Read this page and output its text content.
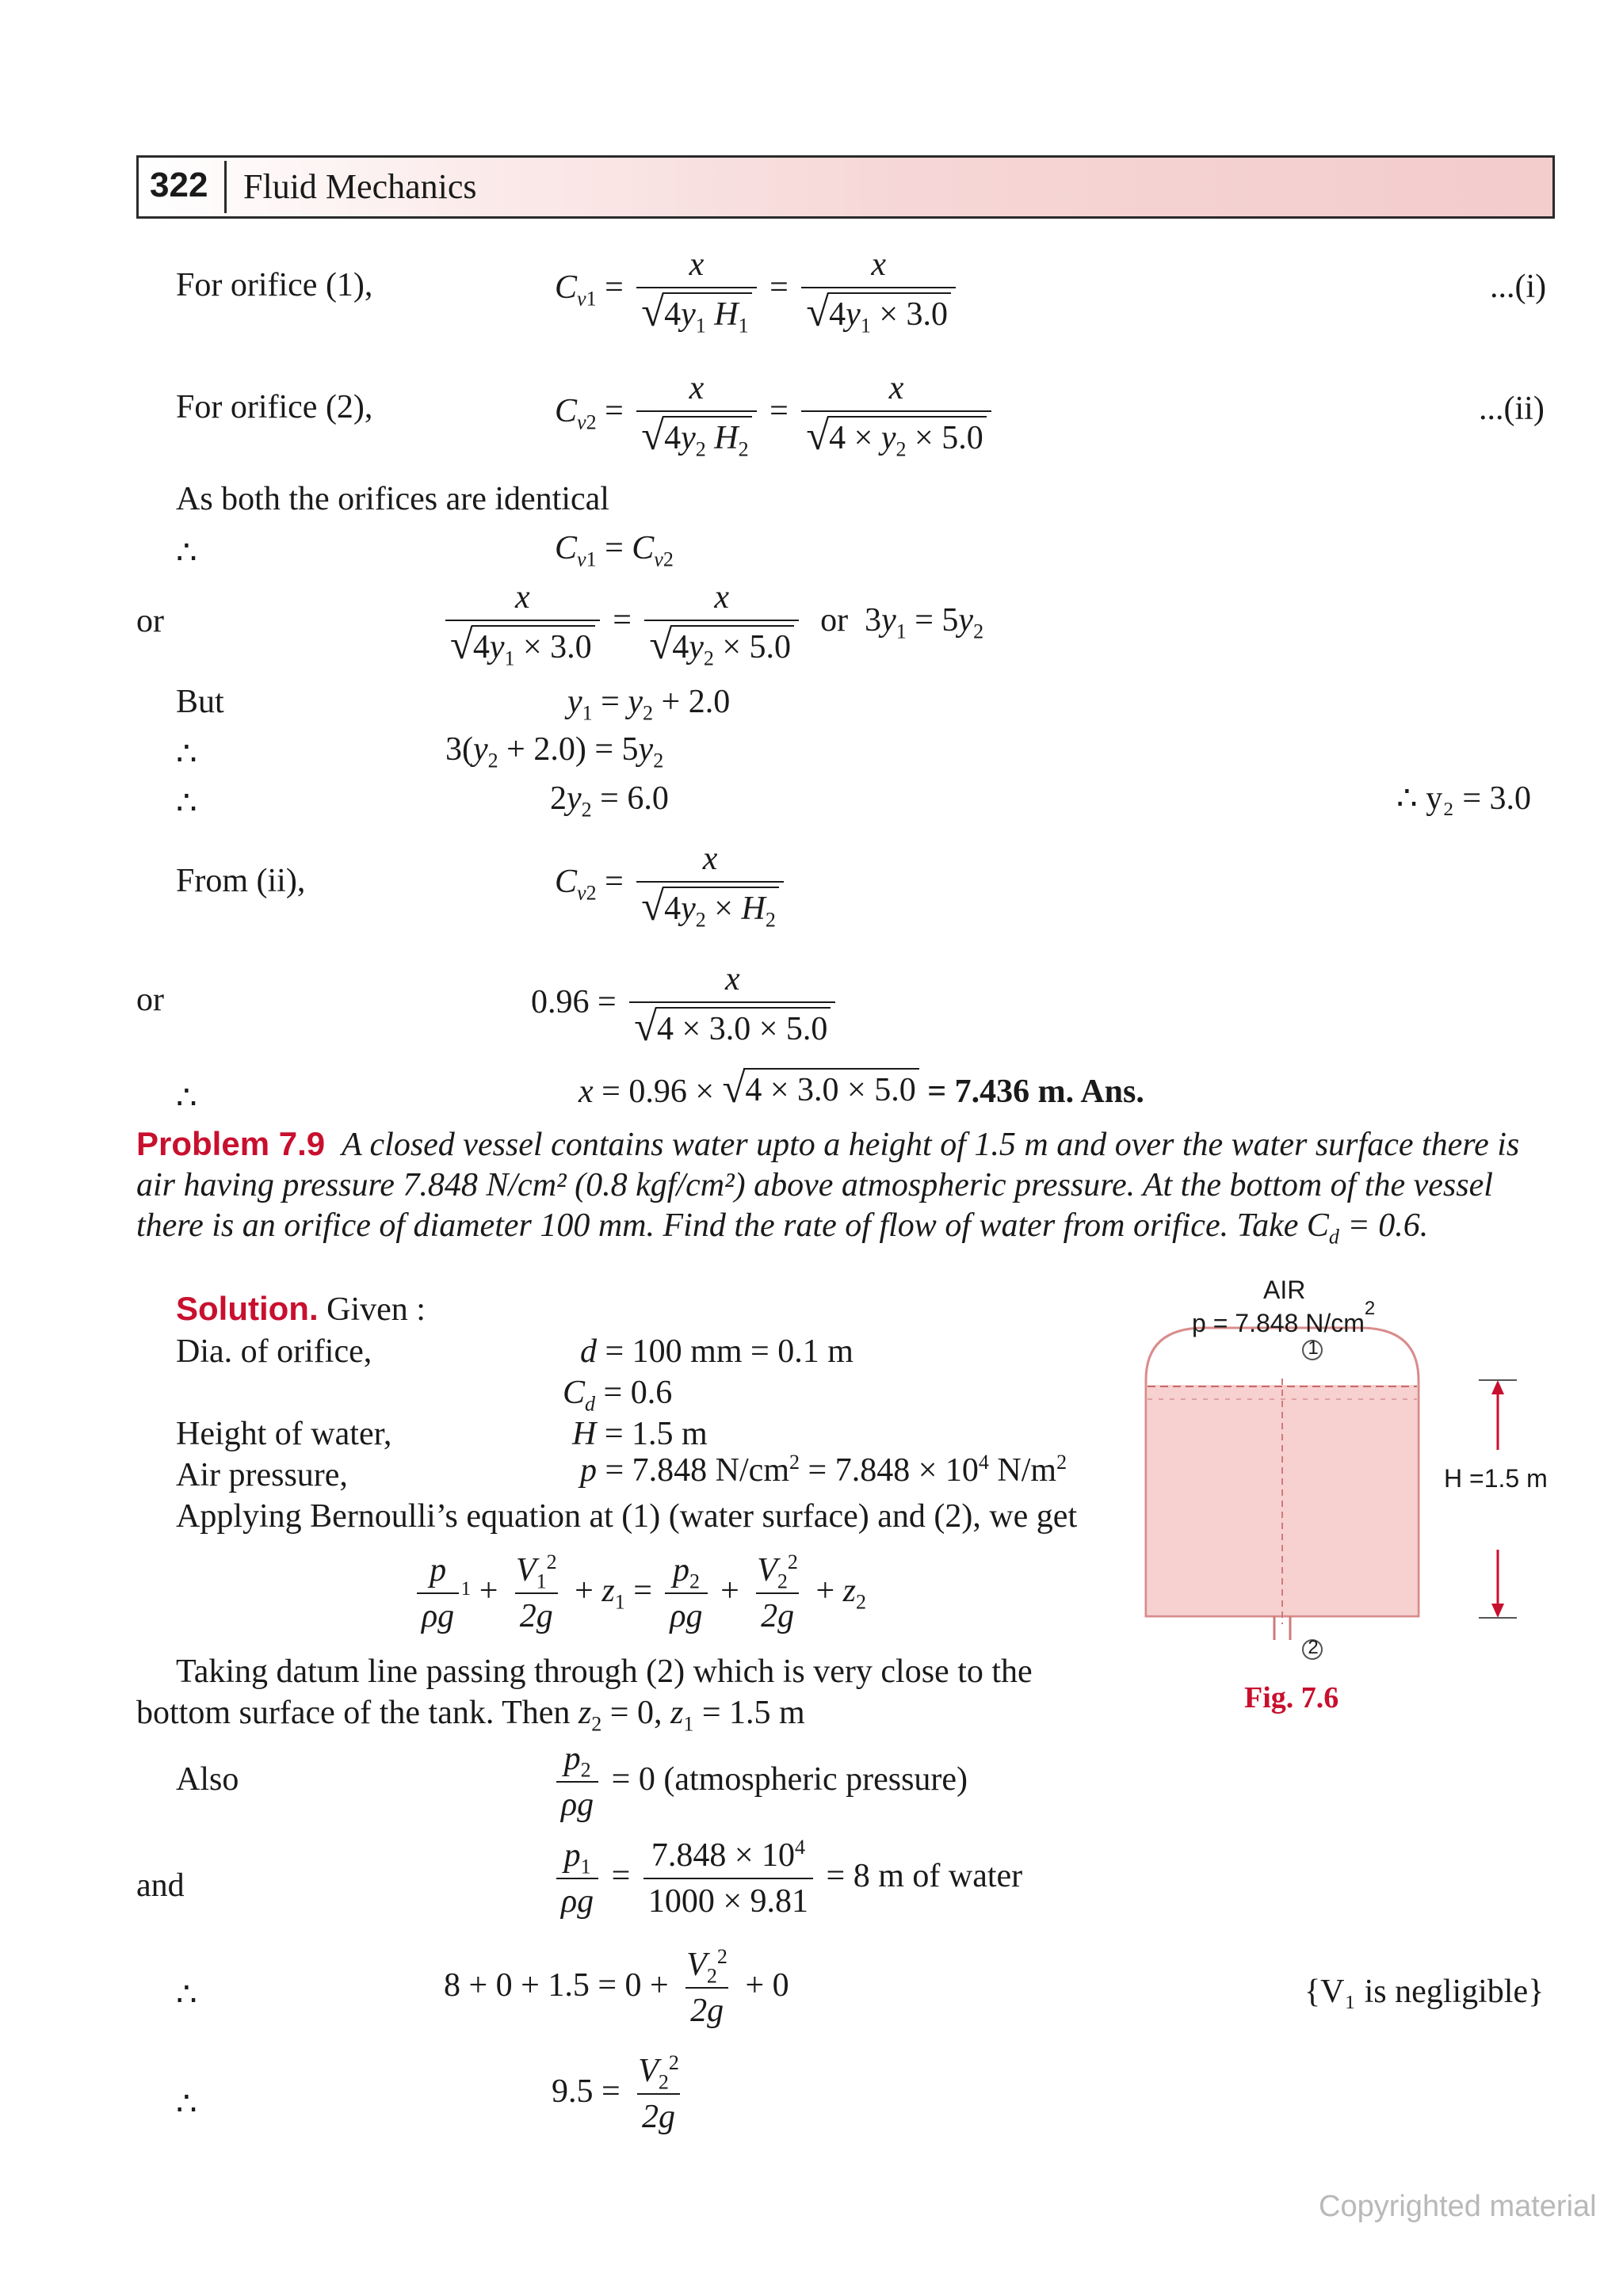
322 Fluid Mechanics
For orifice (1),	$C_{v1} = \frac{x}{√ 4y_1 H_1} = \frac{x}{√ 4y_1 \times 3.0}$	...(i)
For orifice (2),	$C_{v2} = \frac{x}{√ 4y_2 H_2} = \frac{x}{√ 4 \times y_2 \times 5.0}$	...(ii)
As both the orifices are identical
∴	$C_{v1} = C_{v2}$
or	$\frac{x}{√ 4y_1 \times 3.0} = \frac{x}{√ 4y_2 \times 5.0}$ or  $3y_1 = 5y_2$
But	$y_1 = y_2 + 2.0$
∴	$3(y_2 + 2.0) = 5y_2$
∴	$2y_2 = 6.0$	∴ y₂ = 3.0
From (ii),	$C_{v2} = \frac{x}{√ 4y_2 \times H_2}$
or	$0.96 = \frac{x}{√ 4 \times 3.0 \times 5.0}$
∴	x = 0.96 × √ 4 × 3.0 × 5.0 = 7.436 m. Ans.
Problem 7.9 A closed vessel contains water upto a height of 1.5 m and over the water surface there is air having pressure 7.848 N/cm² (0.8 kgf/cm²) above atmospheric pressure. At the bottom of the vessel there is an orifice of diameter 100 mm. Find the rate of flow of water from orifice. Take $C_d = 0.6$.
Solution. Given :
Dia. of orifice,	d = 100 mm = 0.1 m
$C_d = 0.6$
Height of water,	H = 1.5 m
Air pressure,	p = 7.848 $N/cm^2 = 7.848 \times 10^4$ $N/m^2$
Applying Bernoulli’s equation at (1) (water surface) and (2), we get
$\frac{p}{\rho g} 1 + \frac{V_1^2}{2g} + z_1 = \frac{p_2}{\rho g} + \frac{V_2^2}{2g} + z_2$
Taking datum line passing through (2) which is very close to the
bottom surface of the tank. Then $z_2 = 0$, $z_1 = 1.5$ m
Also	$\frac{p_2}{\rho g} = 0$ (atmospheric pressure)
and	$\frac{p_1}{\rho g} = \frac{7.848 \times 10^4}{1000 \times 9.81} = 8$ m of water
∴	$8 + 0 + 1.5 = 0 + \frac{V_2^2}{2g} + 0$	{V₁ is negligible}
∴	$9.5 = \frac{V_2^2}{2g}$
AIR
p = 7.848 $N/cm^2$
1
2
H =1.5 m
Fig. 7.6
Copyrighted material
